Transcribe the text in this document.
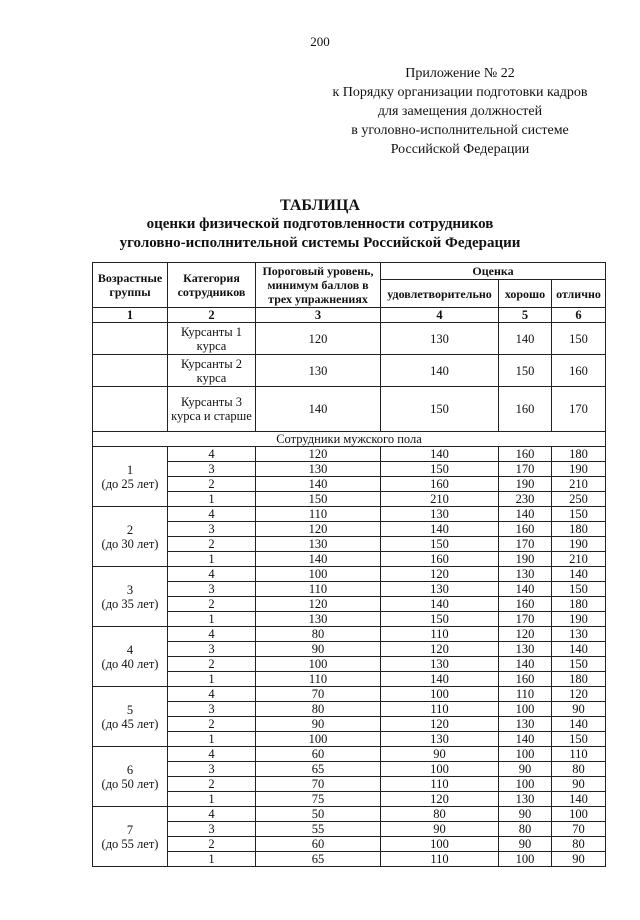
200
Приложение № 22
к Порядку организации подготовки кадров
для замещения должностей
в уголовно-исполнительной системе
Российской Федерации
ТАБЛИЦА
оценки физической подготовленности сотрудников
уголовно-исполнительной системы Российской Федерации
Возрастные группы	Категория сотрудников	Пороговый уровень, минимум баллов в трех упражнениях	Оценка		
			удовлетворительно	хорошо	отлично
1	2	3	4	5	6
	Курсанты 1 курса	120	130	140	150
	Курсанты 2 курса	130	140	150	160
	Курсанты 3 курса и старше	140	150	160	170
Сотрудники мужского пола					

1
(до 25 лет)	4	120	140	160	180
	3	130	150	170	190
	2	140	160	190	210
	1	150	210	230	250

2
(до 30 лет)	4	110	130	140	150
	3	120	140	160	180
	2	130	150	170	190
	1	140	160	190	210

3
(до 35 лет)	4	100	120	130	140
	3	110	130	140	150
	2	120	140	160	180
	1	130	150	170	190

4
(до 40 лет)	4	80	110	120	130
	3	90	120	130	140
	2	100	130	140	150
	1	110	140	160	180

5
(до 45 лет)	4	70	100	110	120
	3	80	110	100	90
	2	90	120	130	140
	1	100	130	140	150

6
(до 50 лет)	4	60	90	100	110
	3	65	100	90	80
	2	70	110	100	90
	1	75	120	130	140

7
(до 55 лет)	4	50	80	90	100
	3	55	90	80	70
	2	60	100	90	80
	1	65	110	100	90
